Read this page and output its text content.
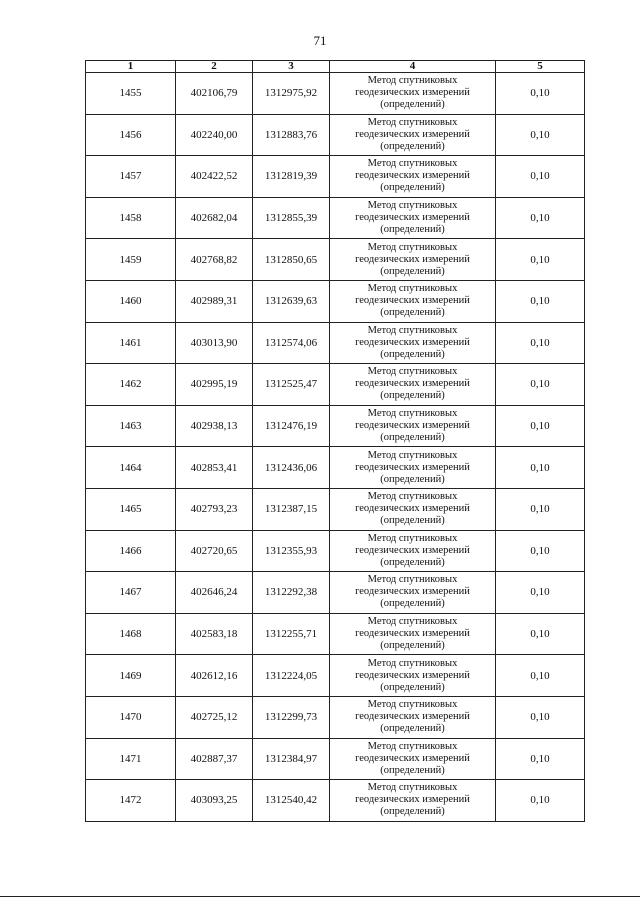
71
1	2	3	4	5
1455	402106,79	1312975,92	Метод спутниковых
геодезических измерений
(определений)	0,10
1456	402240,00	1312883,76	Метод спутниковых
геодезических измерений
(определений)	0,10
1457	402422,52	1312819,39	Метод спутниковых
геодезических измерений
(определений)	0,10
1458	402682,04	1312855,39	Метод спутниковых
геодезических измерений
(определений)	0,10
1459	402768,82	1312850,65	Метод спутниковых
геодезических измерений
(определений)	0,10
1460	402989,31	1312639,63	Метод спутниковых
геодезических измерений
(определений)	0,10
1461	403013,90	1312574,06	Метод спутниковых
геодезических измерений
(определений)	0,10
1462	402995,19	1312525,47	Метод спутниковых
геодезических измерений
(определений)	0,10
1463	402938,13	1312476,19	Метод спутниковых
геодезических измерений
(определений)	0,10
1464	402853,41	1312436,06	Метод спутниковых
геодезических измерений
(определений)	0,10
1465	402793,23	1312387,15	Метод спутниковых
геодезических измерений
(определений)	0,10
1466	402720,65	1312355,93	Метод спутниковых
геодезических измерений
(определений)	0,10
1467	402646,24	1312292,38	Метод спутниковых
геодезических измерений
(определений)	0,10
1468	402583,18	1312255,71	Метод спутниковых
геодезических измерений
(определений)	0,10
1469	402612,16	1312224,05	Метод спутниковых
геодезических измерений
(определений)	0,10
1470	402725,12	1312299,73	Метод спутниковых
геодезических измерений
(определений)	0,10
1471	402887,37	1312384,97	Метод спутниковых
геодезических измерений
(определений)	0,10
1472	403093,25	1312540,42	Метод спутниковых
геодезических измерений
(определений)	0,10
